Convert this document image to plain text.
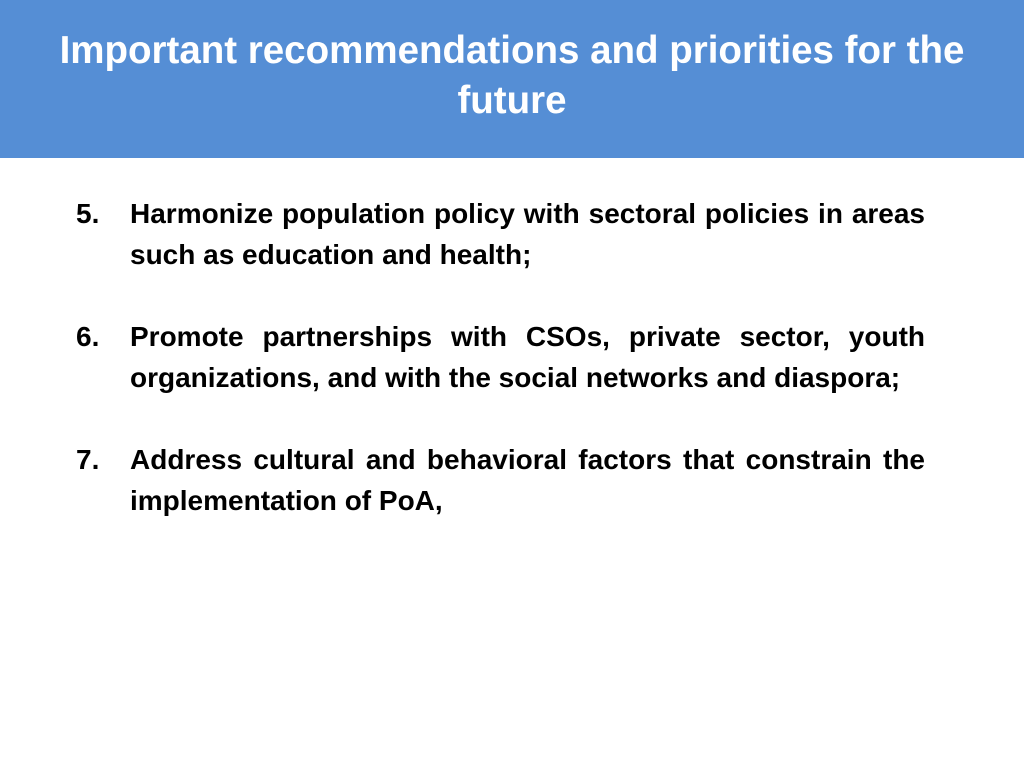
Important recommendations and priorities for the future
5.	Harmonize population policy with sectoral policies in areas such as education and health;
6.	Promote partnerships with CSOs, private sector, youth organizations, and with the social networks and diaspora;
7.	Address cultural and behavioral factors that constrain the implementation of PoA,
